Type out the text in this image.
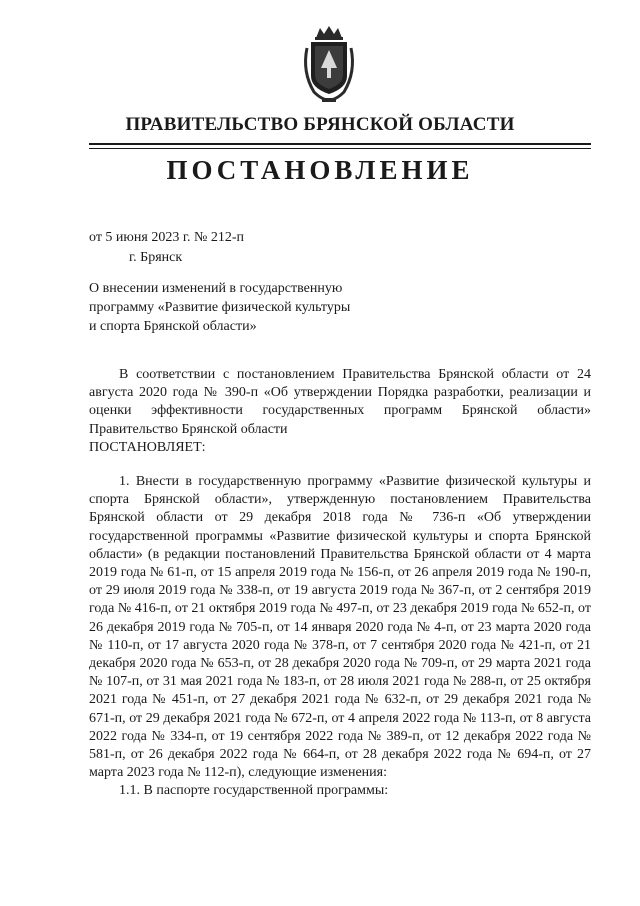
ПРАВИТЕЛЬСТВО БРЯНСКОЙ ОБЛАСТИ
ПОСТАНОВЛЕНИЕ
от 5 июня 2023 г. № 212-п
г. Брянск
О внесении изменений в государственную
программу «Развитие физической культуры
и спорта Брянской области»

В соответствии с постановлением Правительства Брянской области от 24 августа 2020 года № 390-п «Об утверждении Порядка разработки, реализации и оценки эффективности государственных программ Брянской области» Правительство Брянской области

ПОСТАНОВЛЯЕТ:

1. Внести в государственную программу «Развитие физической культуры и спорта Брянской области», утвержденную постановлением Правительства Брянской области от 29 декабря 2018 года № 736-п «Об утверждении государственной программы «Развитие физической культуры и спорта Брянской области» (в редакции постановлений Правительства Брянской области от 4 марта 2019 года № 61-п, от 15 апреля 2019 года № 156-п, от 26 апреля 2019 года № 190-п, от 29 июля 2019 года № 338-п, от 19 августа 2019 года № 367-п, от 2 сентября 2019 года № 416-п, от 21 октября 2019 года № 497-п, от 23 декабря 2019 года № 652-п, от 26 декабря 2019 года № 705-п, от 14 января 2020 года № 4-п, от 23 марта 2020 года № 110-п, от 17 августа 2020 года № 378-п, от 7 сентября 2020 года № 421-п, от 21 декабря 2020 года № 653-п, от 28 декабря 2020 года № 709-п, от 29 марта 2021 года № 107-п, от 31 мая 2021 года № 183-п, от 28 июля 2021 года № 288-п, от 25 октября 2021 года № 451-п, от 27 декабря 2021 года № 632-п, от 29 декабря 2021 года № 671-п, от 29 декабря 2021 года № 672-п, от 4 апреля 2022 года № 113-п, от 8 августа 2022 года № 334-п, от 19 сентября 2022 года № 389-п, от 12 декабря 2022 года № 581-п, от 26 декабря 2022 года № 664-п, от 28 декабря 2022 года № 694-п, от 27 марта 2023 года № 112-п), следующие изменения:

1.1. В паспорте государственной программы:
